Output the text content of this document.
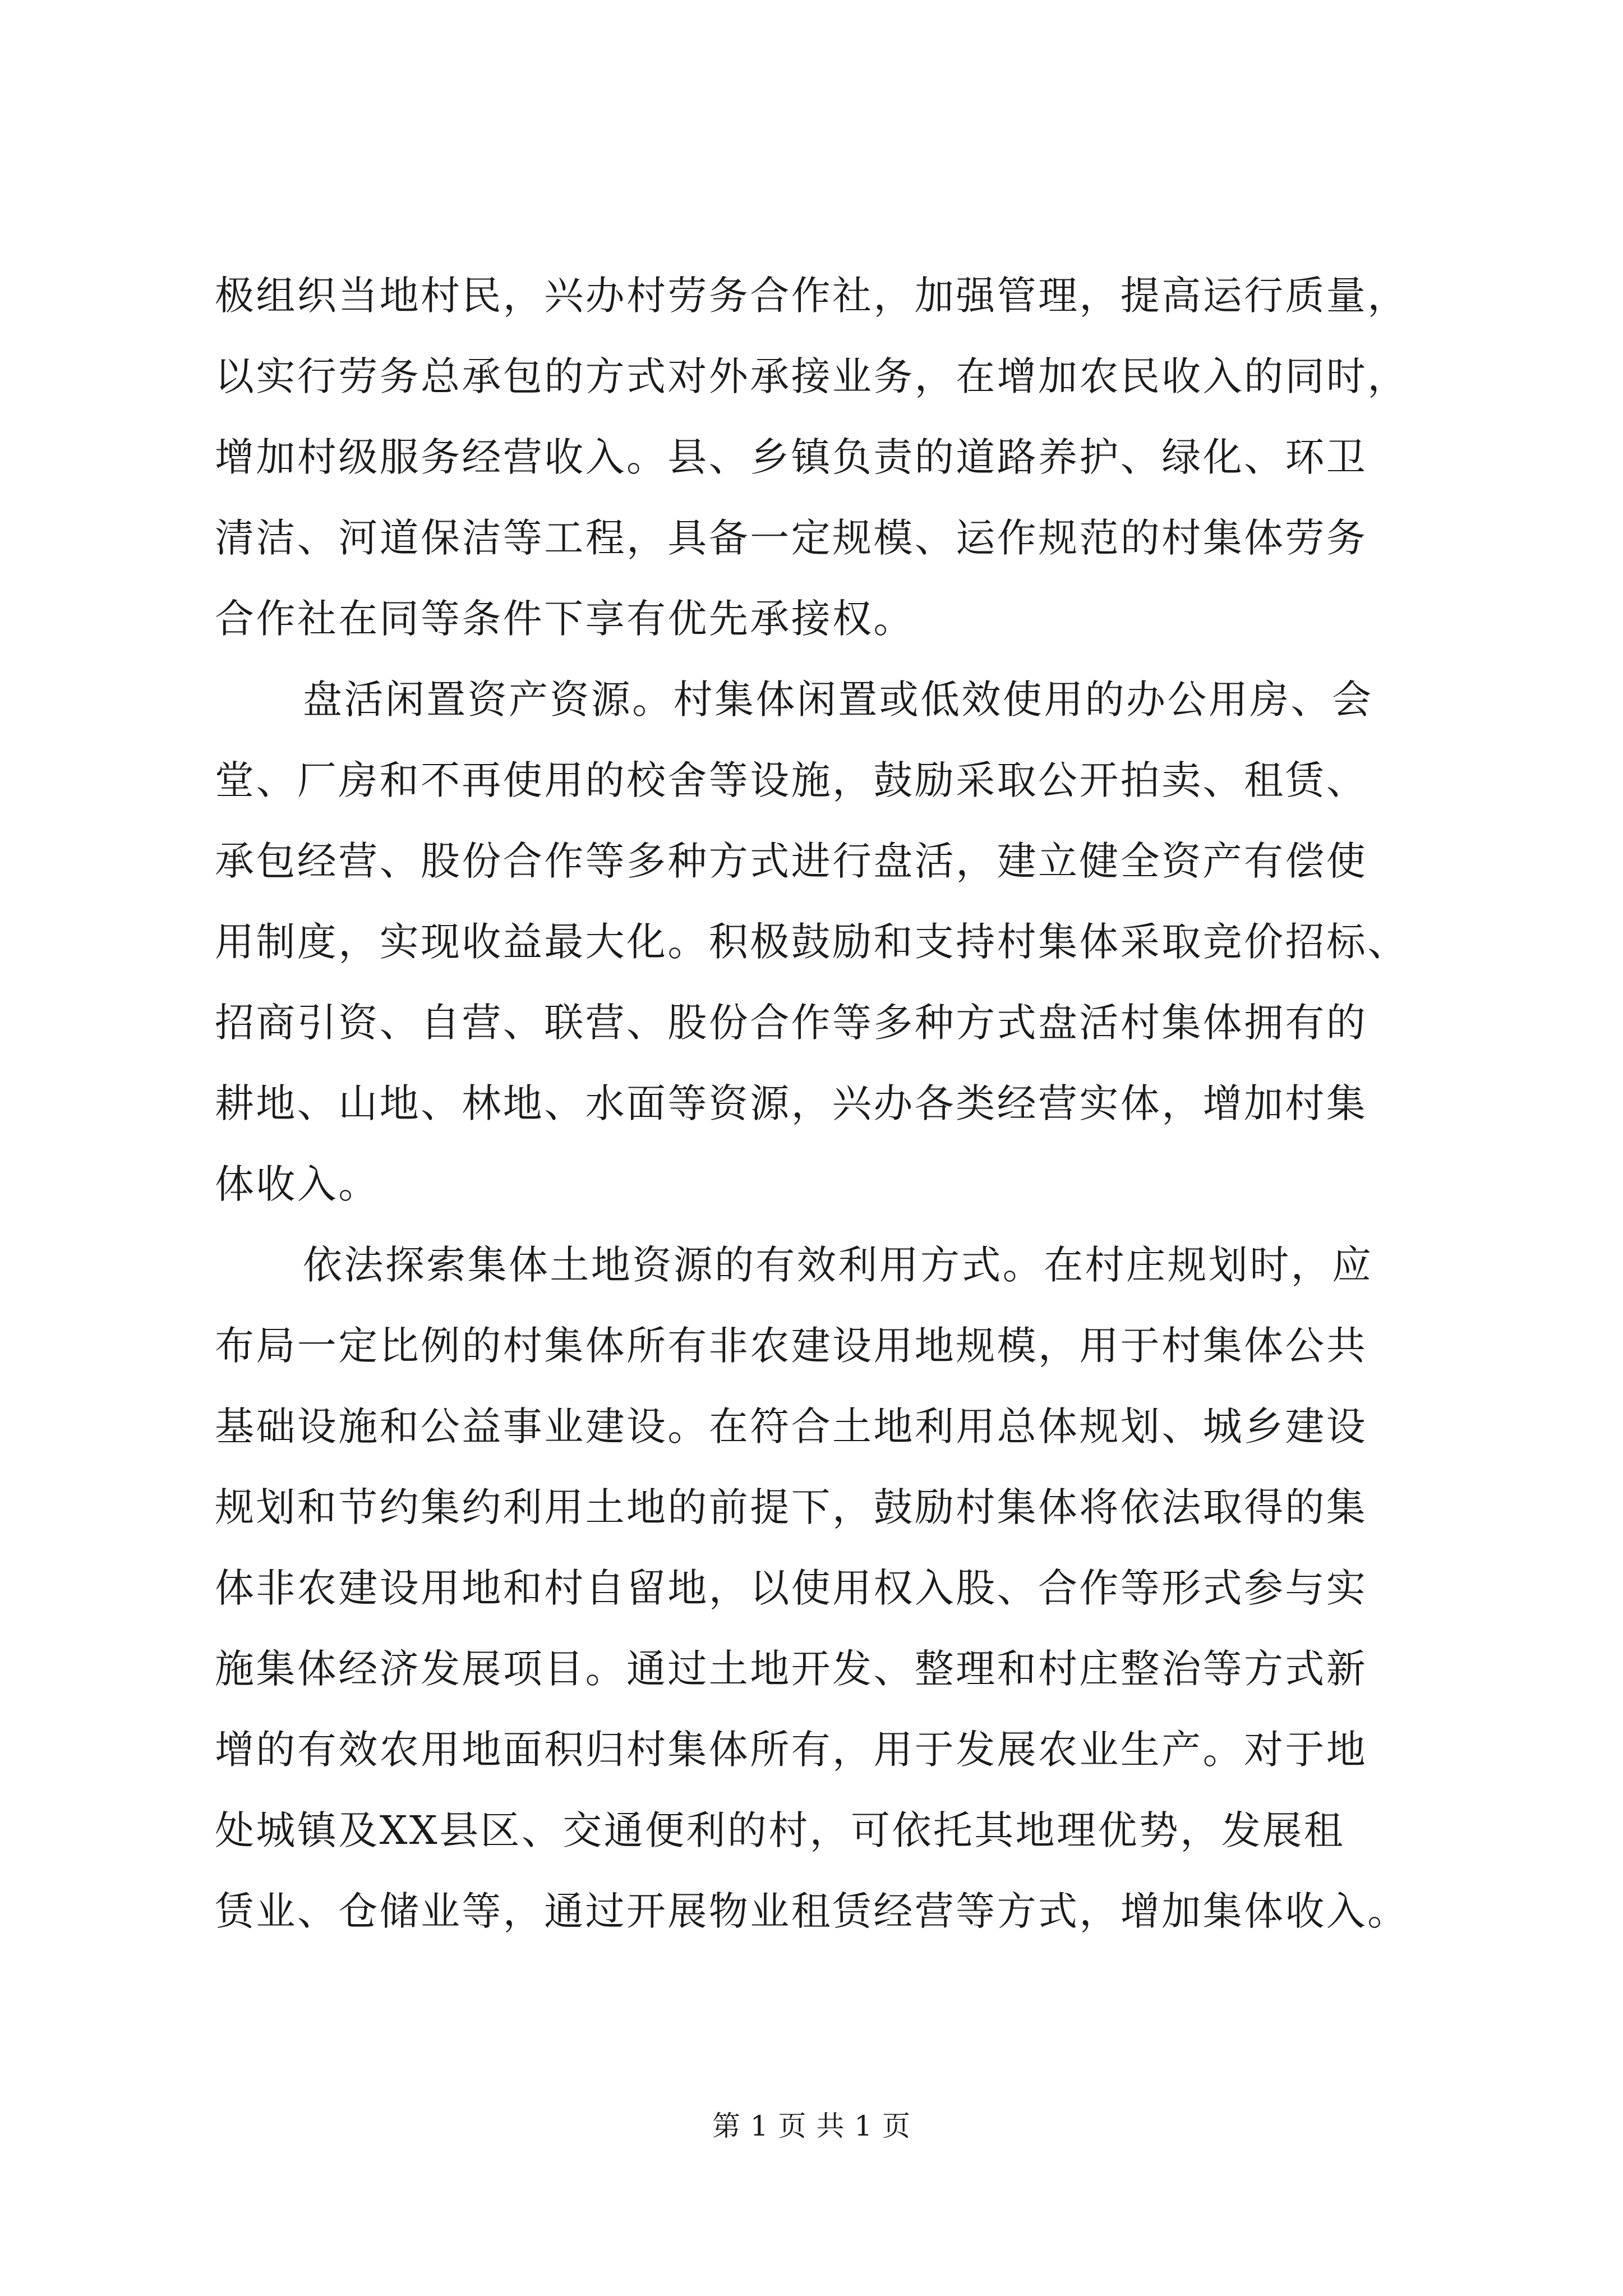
极组织当地村民，兴办村劳务合作社，加强管理，提高运行质量，
以实行劳务总承包的方式对外承接业务，在增加农民收入的同时，
增加村级服务经营收入。县、乡镇负责的道路养护、绿化、环卫
清洁、河道保洁等工程，具备一定规模、运作规范的村集体劳务
合作社在同等条件下享有优先承接权。
盘活闲置资产资源。村集体闲置或低效使用的办公用房、会
堂、厂房和不再使用的校舍等设施，鼓励采取公开拍卖、租赁、
承包经营、股份合作等多种方式进行盘活，建立健全资产有偿使
用制度，实现收益最大化。积极鼓励和支持村集体采取竞价招标、
招商引资、自营、联营、股份合作等多种方式盘活村集体拥有的
耕地、山地、林地、水面等资源，兴办各类经营实体，增加村集
体收入。
依法探索集体土地资源的有效利用方式。在村庄规划时，应
布局一定比例的村集体所有非农建设用地规模，用于村集体公共
基础设施和公益事业建设。在符合土地利用总体规划、城乡建设
规划和节约集约利用土地的前提下，鼓励村集体将依法取得的集
体非农建设用地和村自留地，以使用权入股、合作等形式参与实
施集体经济发展项目。通过土地开发、整理和村庄整治等方式新
增的有效农用地面积归村集体所有，用于发展农业生产。对于地
处城镇及XX县区、交通便利的村，可依托其地理优势，发展租
赁业、仓储业等，通过开展物业租赁经营等方式，增加集体收入。
第 1 页 共 1 页
